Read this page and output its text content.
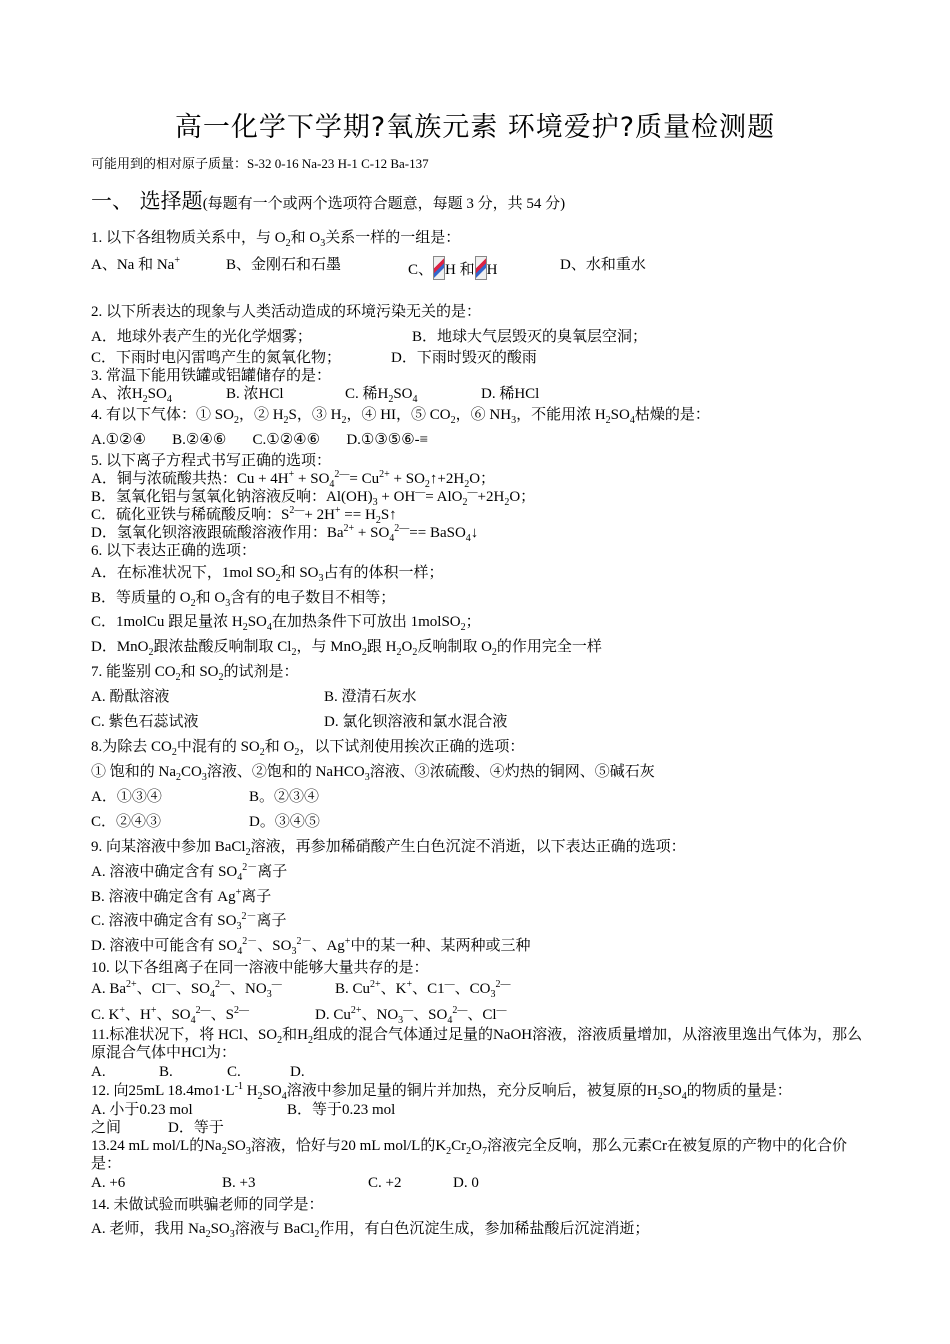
高一化学下学期?氧族元素 环境爱护?质量检测题
可能用到的相对原子质量：S-32 0-16 Na-23 H-1 C-12 Ba-137
一、 选择题(每题有一个或两个选项符合题意，每题 3 分，共 54 分)
1. 以下各组物质关系中，与 $O_2$和 $O_3$关系一样的一组是：
A、Na 和 Na+	B、金刚石和石墨	C、 H 和 H	D、水和重水
2. 以下所表达的现象与人类活动造成的环境污染无关的是：
A．地球外表产生的光化学烟雾；	B．地球大气层毁灭的臭氧层空洞；
C．下雨时电闪雷鸣产生的氮氧化物；	D．下雨时毁灭的酸雨
3. 常温下能用铁罐或铝罐储存的是：
A、浓$H_2SO_4$	B. 浓HCl	C. 稀$H_2SO_4$	D. 稀HCl
4. 有以下气体：① $SO_2$，② $H_2S$，③ $H_2$，④ HI，⑤ $CO_2$，⑥ $NH_3$，不能用浓 $H_2SO_4$枯燥的是：
A.①②④       B.②④⑥       C.①②④⑥       D.①③⑤⑥-≡
5. 以下离子方程式书写正确的选项：
A．铜与浓硫酸共热：$Cu + 4H^+ + SO_4^{2—}= Cu^{2+}$ + $SO_2↑+2H_2O$；
B．氢氧化铝与氢氧化钠溶液反响：$Al(OH)_3 + OH^—= AlO_2^—+2H_2O$；
C．硫化亚铁与稀硫酸反响：$S^{2—}+ 2H^+$ == $H_2S↑$
D．氢氧化钡溶液跟硫酸溶液作用：$Ba^{2+} + SO_4^{2—}==$ BaSO$_4$↓
6. 以下表达正确的选项：
A．在标准状况下，1mol $SO_2$和 $SO_3$占有的体积一样；
B．等质量的 $O_2$和 $O_3$含有的电子数目不相等；
C．1molCu 跟足量浓 $H_2SO_4$在加热条件下可放出 1molSO$_2$；
D．MnO$_2$跟浓盐酸反响制取 $Cl_2$，与 MnO$_2$跟 $H_2O_2$反响制取 $O_2$的作用完全一样
7. 能鉴别 $CO_2$和 $SO_2$的试剂是：
A. 酚酞溶液	B. 澄清石灰水
C. 紫色石蕊试液	D. 氯化钡溶液和氯水混合液
8.为除去 $CO_2$中混有的 $SO_2$和 $O_2$，以下试剂使用挨次正确的选项：
① 饱和的 $Na_2CO_3$溶液、②饱和的 NaHCO$_3$溶液、③浓硫酸、④灼热的铜网、⑤碱石灰
A．①③④	B。②③④
C．②④③	D。③④⑤
9. 向某溶液中参加 BaCl$_2$溶液，再参加稀硝酸产生白色沉淀不消逝，以下表达正确的选项：
A. 溶液中确定含有 $SO_4^{2-}$离子
B. 溶液中确定含有 Ag+离子
C. 溶液中确定含有 $SO_3^{2-}$离子
D. 溶液中可能含有 $SO_4^{2-}$、$SO_3^{2-}$、Ag+中的某一种、某两种或三种
10. 以下各组离子在同一溶液中能够大量共存的是：
A. $Ba^{2+}$、Cl—、$SO_4^{2—}$、$NO_3^—$	B. $Cu^{2+}$、K+、C1—、$CO_3^{2—}$
C. K+、H+、$SO_4^{2—}$、$S^{2—}$	D. $Cu^{2+}$、$NO_3^—$、$SO_4^{2—}$、Cl—
11.标准状况下，将 HCl、$SO_2$和$H_2$组成的混合气体通过足量的NaOH溶液，溶液质量增加，从溶液里逸出气体为，那么原混合气体中HCl为：
A.	B.	C.	D.
12. 向25mL $18.4mo1\cdot L^{-1}$ $H_2SO_4$溶液中参加足量的铜片并加热，充分反响后，被复原的$H_2SO_4$的物质的量是：
A. 小于0.23 mol	B．等于0.23 mol
之间	D．等于
13.24 mL mol/L的$Na_2SO_3$溶液，恰好与20 mL mol/L的$K_2Cr_2O_7$溶液完全反响，那么元素Cr在被复原的产物中的化合价是：
A. +6	B. +3	C. +2	D. 0
14. 未做试验而哄骗老师的同学是：
A. 老师，我用 $Na_2SO_3$溶液与 BaCl$_2$作用，有白色沉淀生成，参加稀盐酸后沉淀消逝；
